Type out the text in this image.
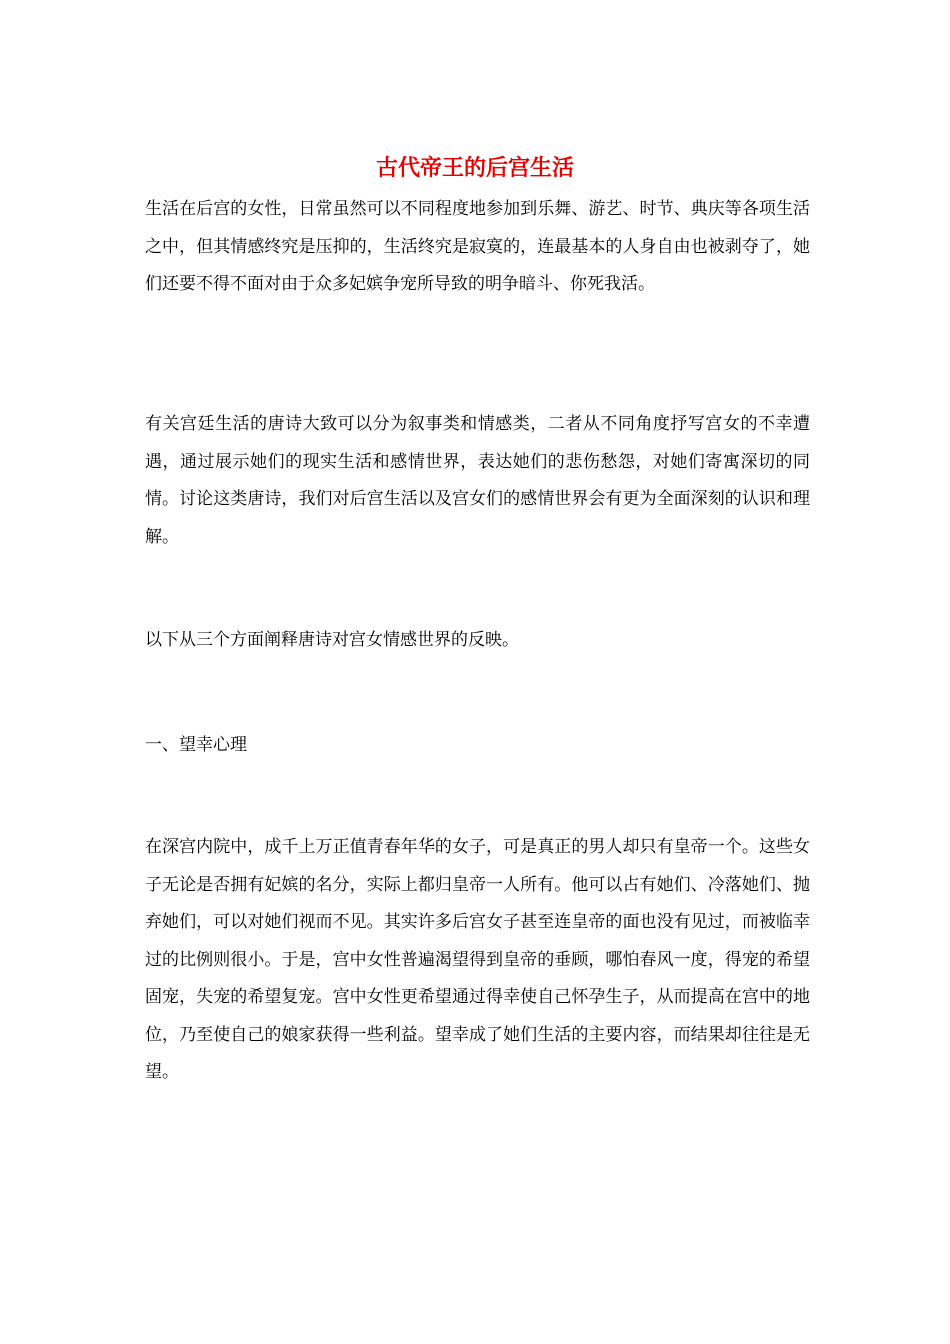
古代帝王的后宫生活

生活在后宫的女性，日常虽然可以不同程度地参加到乐舞、游艺、时节、典庆等各项生活之中，但其情感终究是压抑的，生活终究是寂寞的，连最基本的人身自由也被剥夺了，她们还要不得不面对由于众多妃嫔争宠所导致的明争暗斗、你死我活。

有关宫廷生活的唐诗大致可以分为叙事类和情感类，二者从不同角度抒写宫女的不幸遭遇，通过展示她们的现实生活和感情世界，表达她们的悲伤愁怨，对她们寄寓深切的同情。讨论这类唐诗，我们对后宫生活以及宫女们的感情世界会有更为全面深刻的认识和理解。

以下从三个方面阐释唐诗对宫女情感世界的反映。

一、望幸心理

在深宫内院中，成千上万正值青春年华的女子，可是真正的男人却只有皇帝一个。这些女子无论是否拥有妃嫔的名分，实际上都归皇帝一人所有。他可以占有她们、冷落她们、抛弃她们，可以对她们视而不见。其实许多后宫女子甚至连皇帝的面也没有见过，而被临幸过的比例则很小。于是，宫中女性普遍渴望得到皇帝的垂顾，哪怕春风一度，得宠的希望固宠，失宠的希望复宠。宫中女性更希望通过得幸使自己怀孕生子，从而提高在宫中的地位，乃至使自己的娘家获得一些利益。望幸成了她们生活的主要内容，而结果却往往是无望。
